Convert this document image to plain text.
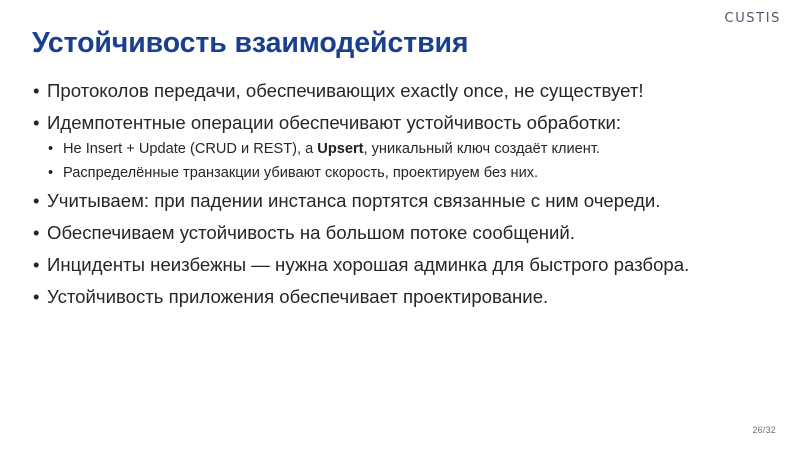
CUSTIS
Устойчивость взаимодействия
• Протоколов передачи, обеспечивающих exactly once, не существует!
• Идемпотентные операции обеспечивают устойчивость обработки:
• Не Insert + Update (CRUD и REST), а Upsert, уникальный ключ создаёт клиент.
• Распределённые транзакции убивают скорость, проектируем без них.
• Учитываем: при падении инстанса портятся связанные с ним очереди.
• Обеспечиваем устойчивость на большом потоке сообщений.
• Инциденты неизбежны — нужна хорошая админка для быстрого разбора.
• Устойчивость приложения обеспечивает проектирование.
26/32
